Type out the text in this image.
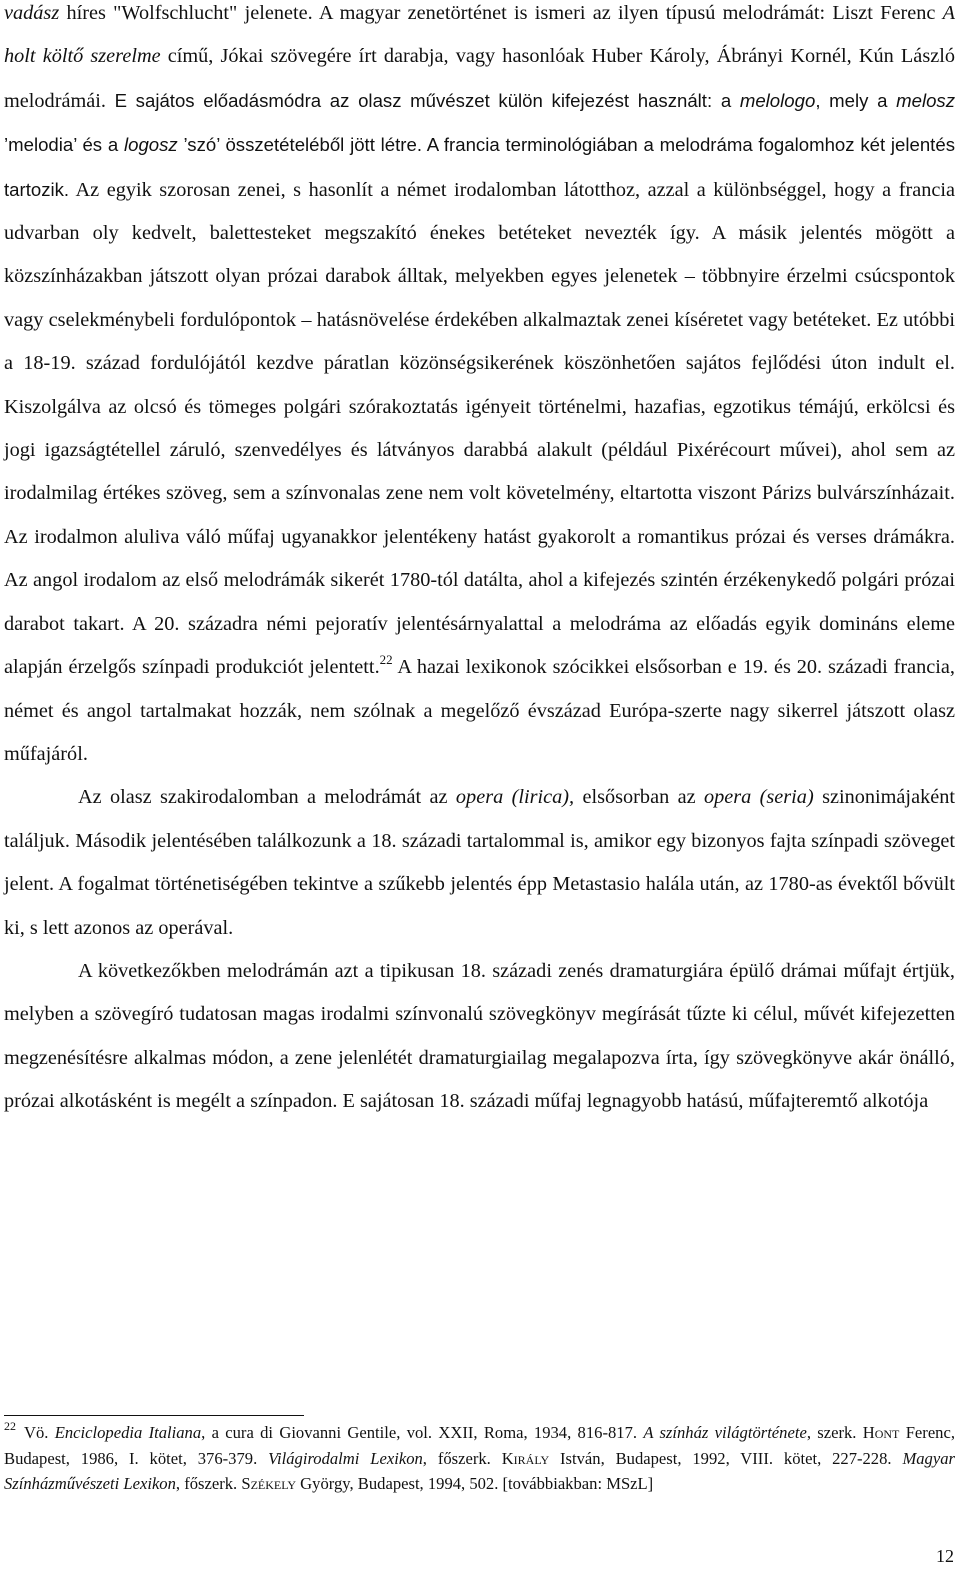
vadász híres "Wolfschlucht" jelenete. A magyar zenetörténet is ismeri az ilyen típusú melodrámát: Liszt Ferenc A holt költő szerelme című, Jókai szövegére írt darabja, vagy hasonlóak Huber Károly, Ábrányi Kornél, Kún László melodrámái. E sajátos előadásmódra az olasz művészet külön kifejezést használt: a melologo, mely a melosz ’melodia’ és a logosz ’szó’ összetételéből jött létre. A francia terminológiában a melodráma fogalomhoz két jelentés tartozik. Az egyik szorosan zenei, s hasonlít a német irodalomban látotthoz, azzal a különbséggel, hogy a francia udvarban oly kedvelt, balettesteket megszakító énekes betéteket nevezték így. A másik jelentés mögött a közszínházakban játszott olyan prózai darabok álltak, melyekben egyes jelenetek – többnyire érzelmi csúcspontok vagy cselekménybeli fordulópontok – hatásnövelése érdekében alkalmaztak zenei kíséretet vagy betéteket. Ez utóbbi a 18-19. század fordulójától kezdve páratlan közönségsikerének köszönhetően sajátos fejlődési úton indult el. Kiszolgálva az olcsó és tömeges polgári szórakoztatás igényeit történelmi, hazafias, egzotikus témájú, erkölcsi és jogi igazságtétellel záruló, szenvedélyes és látványos darabbá alakult (például Pixérécourt művei), ahol sem az irodalmilag értékes szöveg, sem a színvonalas zene nem volt követelmény, eltartotta viszont Párizs bulvárszínházait. Az irodalmon aluliva váló műfaj ugyanakkor jelentékeny hatást gyakorolt a romantikus prózai és verses drámákra. Az angol irodalom az első melodrámák sikerét 1780-tól datálta, ahol a kifejezés szintén érzékenykedő polgári prózai darabot takart. A 20. századra némi pejoratív jelentésárnyalattal a melodráma az előadás egyik domináns eleme alapján érzelgős színpadi produkciót jelentett.$^{22}$ A hazai lexikonok szócikkei elsősorban e 19. és 20. századi francia, német és angol tartalmakat hozzák, nem szólnak a megelőző évszázad Európa-szerte nagy sikerrel játszott olasz műfajáról.

Az olasz szakirodalomban a melodrámát az opera (lirica), elsősorban az opera (seria) szinonimájaként találjuk. Második jelentésében találkozunk a 18. századi tartalommal is, amikor egy bizonyos fajta színpadi szöveget jelent. A fogalmat történetiségében tekintve a szűkebb jelentés épp Metastasio halála után, az 1780-as évektől bővült ki, s lett azonos az operával.

A következőkben melodrámán azt a tipikusan 18. századi zenés dramaturgiára épülő drámai műfajt értjük, melyben a szövegíró tudatosan magas irodalmi színvonalú szövegkönyv megírását tűzte ki célul, művét kifejezetten megzenésítésre alkalmas módon, a zene jelenlétét dramaturgiailag megalapozva írta, így szövegkönyve akár önálló, prózai alkotásként is megélt a színpadon. E sajátosan 18. századi műfaj legnagyobb hatású, műfajteremtő alkotója

$^{22}$ Vö. Enciclopedia Italiana, a cura di Giovanni Gentile, vol. XXII, Roma, 1934, 816-817. A színház világtörténete, szerk. Hont Ferenc, Budapest, 1986, I. kötet, 376-379. Világirodalmi Lexikon, főszerk. Király István, Budapest, 1992, VIII. kötet, 227-228. Magyar Színházművészeti Lexikon, főszerk. Székely György, Budapest, 1994, 502. [továbbiakban: MSzL]

12
